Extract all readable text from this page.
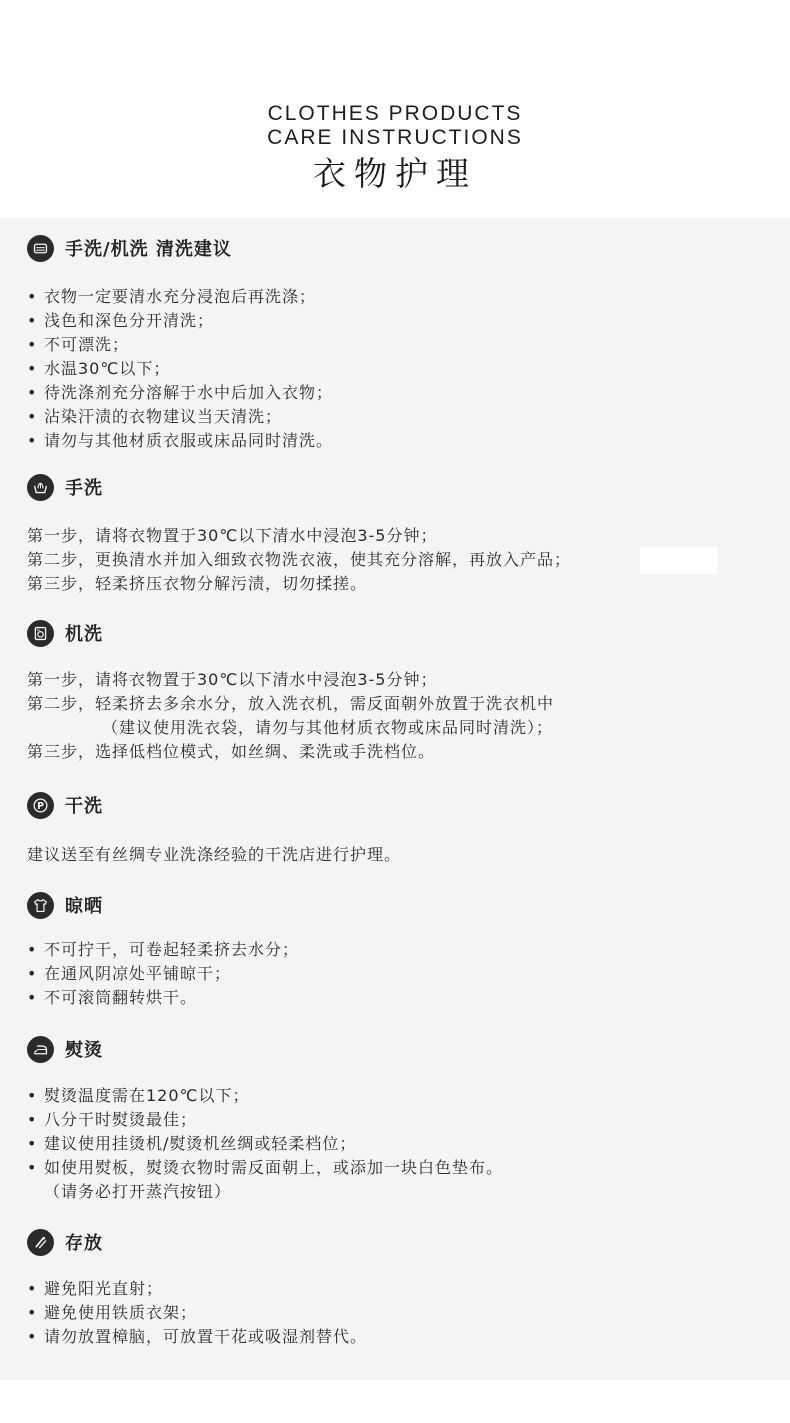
CLOTHES PRODUCTS
CARE INSTRUCTIONS
衣物护理
手洗/机洗 清洗建议
• 衣物一定要清水充分浸泡后再洗涤；
• 浅色和深色分开清洗；
• 不可漂洗；
• 水温30℃以下；
• 待洗涤剂充分溶解于水中后加入衣物；
• 沾染汗渍的衣物建议当天清洗；
• 请勿与其他材质衣服或床品同时清洗。
手洗
第一步，请将衣物置于30℃以下清水中浸泡3-5分钟；
第二步，更换清水并加入细致衣物洗衣液，使其充分溶解，再放入产品；
第三步，轻柔挤压衣物分解污渍，切勿揉搓。
机洗
第一步，请将衣物置于30℃以下清水中浸泡3-5分钟；
第二步，轻柔挤去多余水分，放入洗衣机，需反面朝外放置于洗衣机中
（建议使用洗衣袋，请勿与其他材质衣物或床品同时清洗）；
第三步，选择低档位模式，如丝绸、柔洗或手洗档位。
P 干洗
建议送至有丝绸专业洗涤经验的干洗店进行护理。
晾晒
• 不可拧干，可卷起轻柔挤去水分；
• 在通风阴凉处平铺晾干；
• 不可滚筒翻转烘干。
熨烫
• 熨烫温度需在120℃以下；
• 八分干时熨烫最佳；
• 建议使用挂烫机/熨烫机丝绸或轻柔档位；
• 如使用熨板，熨烫衣物时需反面朝上，或添加一块白色垫布。
（请务必打开蒸汽按钮）
存放
• 避免阳光直射；
• 避免使用铁质衣架；
• 请勿放置樟脑，可放置干花或吸湿剂替代。
